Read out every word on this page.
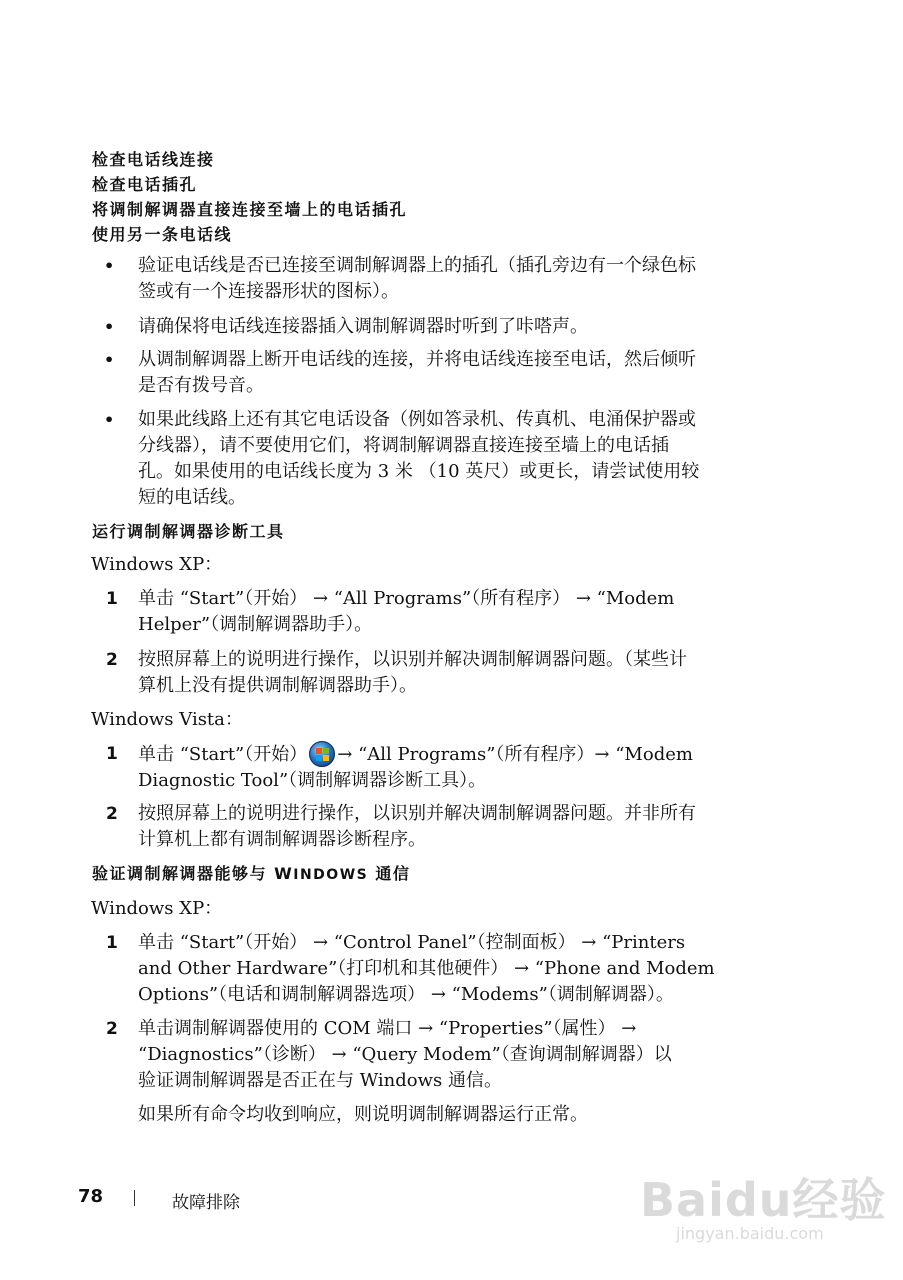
检查电话线连接
检查电话插孔
将调制解调器直接连接至墙上的电话插孔
使用另一条电话线
• 验证电话线是否已连接至调制解调器上的插孔（插孔旁边有一个绿色标
签或有一个连接器形状的图标）。
• 请确保将电话线连接器插入调制解调器时听到了咔嗒声。
• 从调制解调器上断开电话线的连接，并将电话线连接至电话，然后倾听
是否有拨号音。
• 如果此线路上还有其它电话设备（例如答录机、传真机、电涌保护器或
分线器），请不要使用它们，将调制解调器直接连接至墙上的电话插
孔。如果使用的电话线长度为 3 米 （10 英尺）或更长，请尝试使用较
短的电话线。
运行调制解调器诊断工具
Windows XP：
1 单击 “Start”（开始） → “All Programs”（所有程序） → “Modem
Helper”（调制解调器助手）。
2 按照屏幕上的说明进行操作，以识别并解决调制解调器问题。（某些计
算机上没有提供调制解调器助手）。
Windows Vista：
1 单击 “Start”（开始） → “All Programs”（所有程序）→ “Modem
Diagnostic Tool”（调制解调器诊断工具）。
2 按照屏幕上的说明进行操作，以识别并解决调制解调器问题。并非所有
计算机上都有调制解调器诊断程序。
验证调制解调器能够与 WINDOWS 通信
Windows XP：
1 单击 “Start”（开始） → “Control Panel”（控制面板） → “Printers
and Other Hardware”（打印机和其他硬件） → “Phone and Modem
Options”（电话和调制解调器选项） → “Modems”（调制解调器）。
2 单击调制解调器使用的 COM 端口 → “Properties”（属性） →
“Diagnostics”（诊断） → “Query Modem”（查询调制解调器）以
验证调制解调器是否正在与 Windows 通信。
如果所有命令均收到响应，则说明调制解调器运行正常。
78	故障排除	Baidu经验
jingyan.baidu.com
